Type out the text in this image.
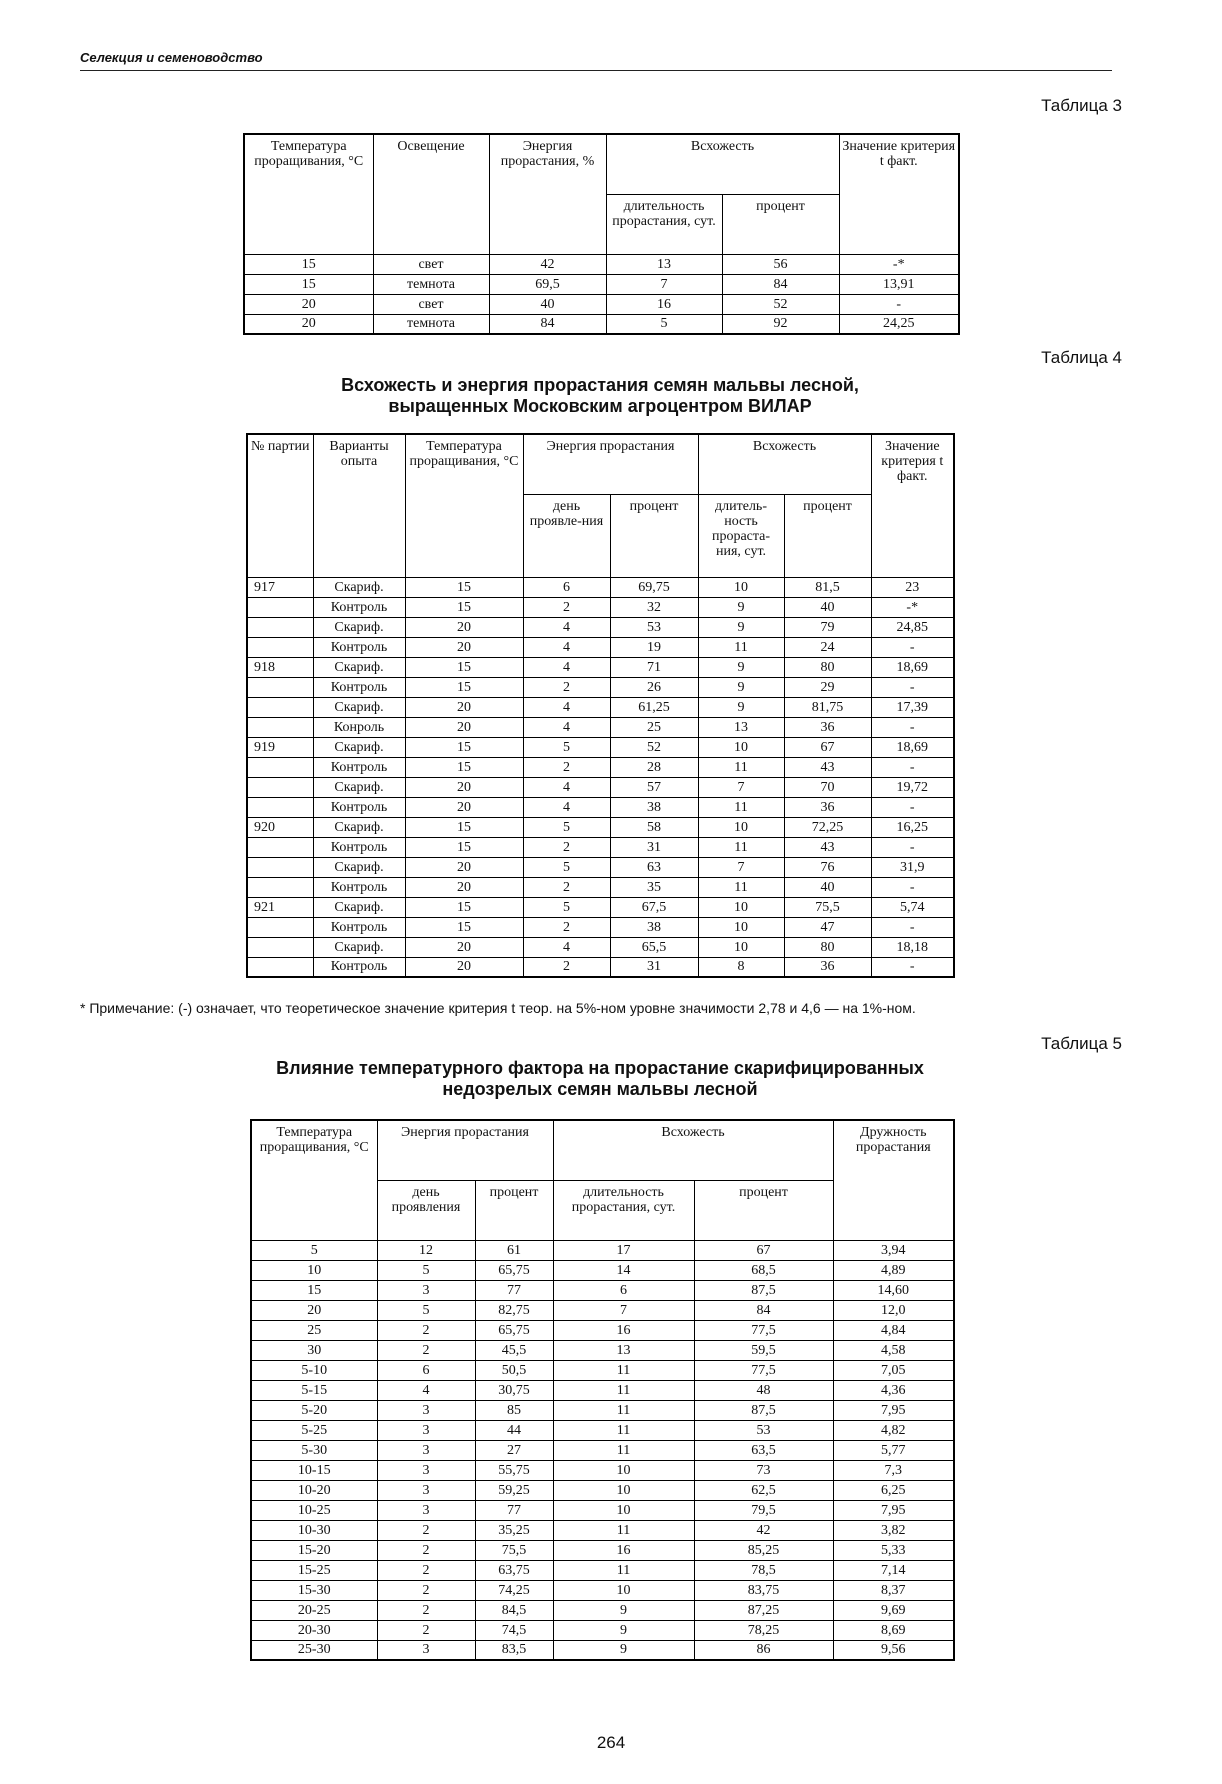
Селекция и семеноводство
Таблица 3
Температура проращивания, °С	Освещение	Энергия прорастания, %	Всхожесть		Значение критерия t факт.
			длительность прорастания, сут.	процент	
15	свет	42	13	56	-*
15	темнота	69,5	7	84	13,91
20	свет	40	16	52	-
20	темнота	84	5	92	24,25
Таблица 4
Всхожесть и энергия прорастания семян мальвы лесной,
выращенных Московским агроцентром ВИЛАР
№ партии	Варианты опыта	Температура проращивания, °С	Энергия прорастания		Всхожесть		Значение критерия t факт.
			день проявле-ния	процент	длитель-ность прораста-ния, сут.	процент	
917	Скариф.	15	6	69,75	10	81,5	23
	Контроль	15	2	32	9	40	-*
	Скариф.	20	4	53	9	79	24,85
	Контроль	20	4	19	11	24	-
918	Скариф.	15	4	71	9	80	18,69
	Контроль	15	2	26	9	29	-
	Скариф.	20	4	61,25	9	81,75	17,39
	Конроль	20	4	25	13	36	-
919	Скариф.	15	5	52	10	67	18,69
	Контроль	15	2	28	11	43	-
	Скариф.	20	4	57	7	70	19,72
	Контроль	20	4	38	11	36	-
920	Скариф.	15	5	58	10	72,25	16,25
	Контроль	15	2	31	11	43	-
	Скариф.	20	5	63	7	76	31,9
	Контроль	20	2	35	11	40	-
921	Скариф.	15	5	67,5	10	75,5	5,74
	Контроль	15	2	38	10	47	-
	Скариф.	20	4	65,5	10	80	18,18
	Контроль	20	2	31	8	36	-
* Примечание: (-) означает, что теоретическое значение критерия t теор. на 5%-ном уровне значимости 2,78 и 4,6 — на 1%-ном.
Таблица 5
Влияние температурного фактора на прорастание скарифицированных
недозрелых семян мальвы лесной
Температура проращивания, °С	Энергия прорастания		Всхожесть		Дружность прорастания
	день проявления	процент	длительность прорастания, сут.	процент	
5	12	61	17	67	3,94
10	5	65,75	14	68,5	4,89
15	3	77	6	87,5	14,60
20	5	82,75	7	84	12,0
25	2	65,75	16	77,5	4,84
30	2	45,5	13	59,5	4,58
5-10	6	50,5	11	77,5	7,05
5-15	4	30,75	11	48	4,36
5-20	3	85	11	87,5	7,95
5-25	3	44	11	53	4,82
5-30	3	27	11	63,5	5,77
10-15	3	55,75	10	73	7,3
10-20	3	59,25	10	62,5	6,25
10-25	3	77	10	79,5	7,95
10-30	2	35,25	11	42	3,82
15-20	2	75,5	16	85,25	5,33
15-25	2	63,75	11	78,5	7,14
15-30	2	74,25	10	83,75	8,37
20-25	2	84,5	9	87,25	9,69
20-30	2	74,5	9	78,25	8,69
25-30	3	83,5	9	86	9,56
264
